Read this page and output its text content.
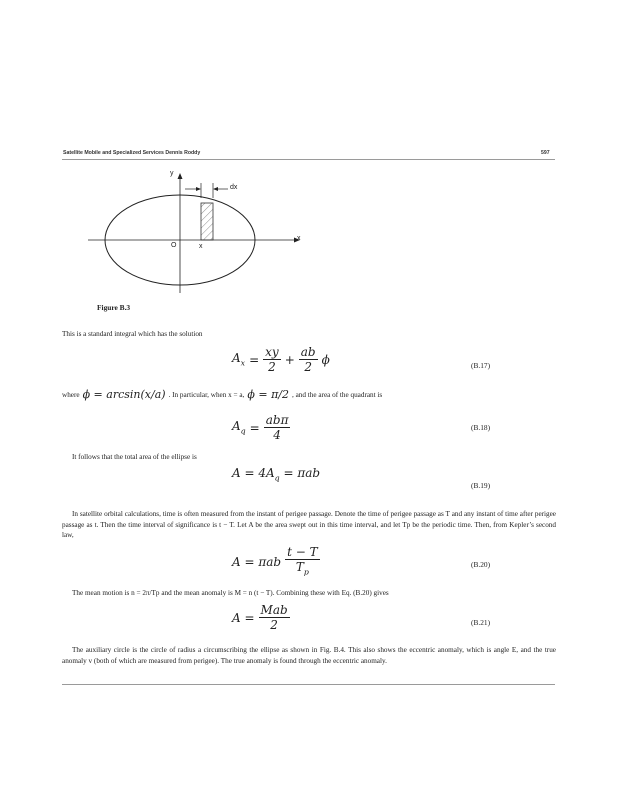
Satellite Mobile and Specialized Services Dennis Roddy	597
y
dx
x
O	x
Figure B.3
This is a standard integral which has the solution
$A_x = \frac{xy}{2} + \frac{ab}{2}$ ϕ	(B.17)
where ϕ = arcsin(x/a) . In particular, when x = a, ϕ = π/2 , and the area of the quadrant is
$A_q = \frac{\text{abπ}}{4}$	(B.18)
It follows that the total area of the ellipse is
$A = 4A_q = \pi ab$
(B.19)
In satellite orbital calculations, time is often measured from the instant of perigee passage. Denote the time of perigee passage as T and any instant of time after perigee passage as t. Then the time interval of significance is t − T. Let A be the area swept out in this time interval, and let Tp be the periodic time. Then, from Kepler’s second law,
A = πab $\frac{t - T}{T_p}$	(B.20)
The mean motion is n = 2π/Tp and the mean anomaly is M = n (t − T). Combining these with Eq. (B.20) gives
$A = \frac{\text{Mab}}{2}$	(B.21)
The auxiliary circle is the circle of radius a circumscribing the ellipse as shown in Fig. B.4. This also shows the eccentric anomaly, which is angle E, and the true anomaly v (both of which are measured from perigee). The true anomaly is found through the eccentric anomaly.
